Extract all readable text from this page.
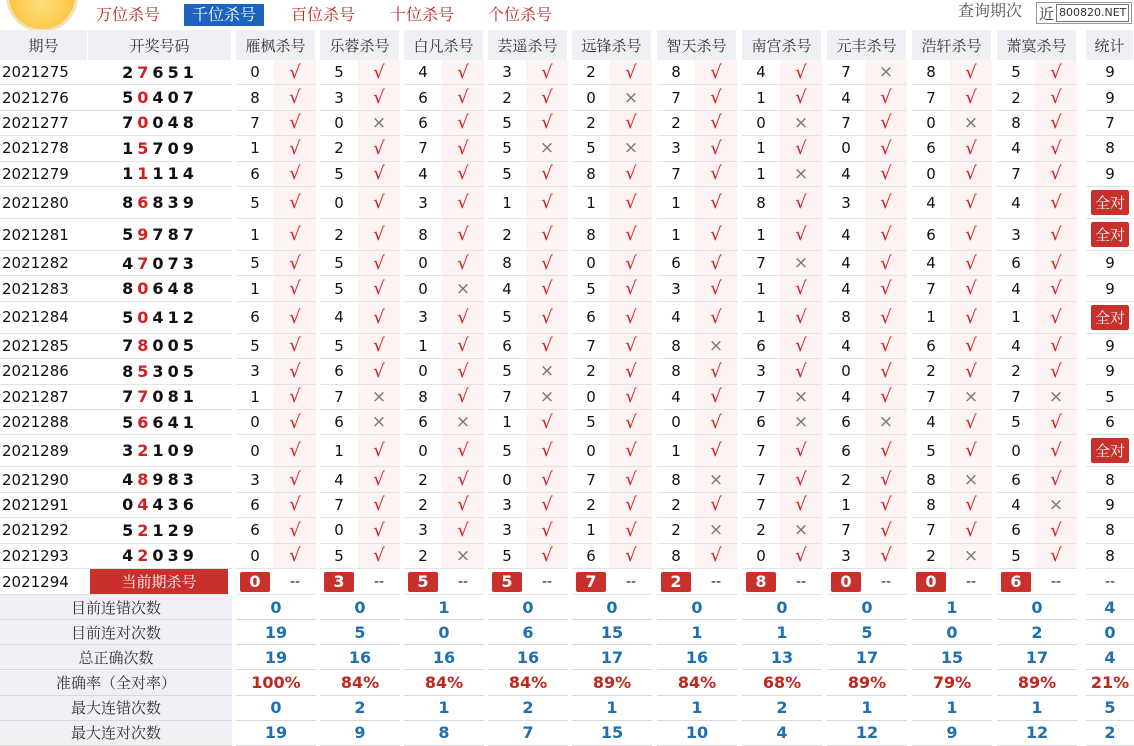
万位杀号	千位杀号	百位杀号 十位杀号 个位杀号	查询期次 近 800820.NET
期号	开奖号码	雁枫杀号	乐蓉杀号	白凡杀号	芸遥杀号	远锋杀号	智天杀号	南宫杀号	元丰杀号	浩轩杀号	萧寞杀号	统计
2021275	2 7 6 5 1	0	√	5	√	4	√	3	√	2	√	8	√	4	√	7	×	8	√	5	√	9
2021276	5 0 4 0 7	8	√	3	√	6	√	2	√	0	×	7	√	1	√	4	√	7	√	2	√	9
2021277	7 0 0 4 8	7	√	0	×	6	√	5	√	2	√	2	√	0	×	7	√	0	×	8	√	7
2021278	1 5 7 0 9	1	√	2	√	7	√	5	×	5	×	3	√	1	√	0	√	6	√	4	√	8
2021279	1 1 1 1 4	6	√	5	√	4	√	5	√	8	√	7	√	1	×	4	√	0	√	7	√	9
2021280	8 6 8 3 9	5	√	0	√	3	√	1	√	1	√	1	√	8	√	3	√	4	√	4	√	全对
2021281	5 9 7 8 7	1	√	2	√	8	√	2	√	8	√	1	√	1	√	4	√	6	√	3	√	全对
2021282	4 7 0 7 3	5	√	5	√	0	√	8	√	0	√	6	√	7	×	4	√	4	√	6	√	9
2021283	8 0 6 4 8	1	√	5	√	0	×	4	√	5	√	3	√	1	√	4	√	7	√	4	√	9
2021284	5 0 4 1 2	6	√	4	√	3	√	5	√	6	√	4	√	1	√	8	√	1	√	1	√	全对
2021285	7 8 0 0 5	5	√	5	√	1	√	6	√	7	√	8	×	6	√	4	√	6	√	4	√	9
2021286	8 5 3 0 5	3	√	6	√	0	√	5	×	2	√	8	√	3	√	0	√	2	√	2	√	9
2021287	7 7 0 8 1	1	√	7	×	8	√	7	×	0	√	4	√	7	×	4	√	7	×	7	×	5
2021288	5 6 6 4 1	0	√	6	×	6	×	1	√	5	√	0	√	6	×	6	×	4	√	5	√	6
2021289	3 2 1 0 9	0	√	1	√	0	√	5	√	0	√	1	√	7	√	6	√	5	√	0	√	全对
2021290	4 8 9 8 3	3	√	4	√	2	√	0	√	7	√	8	×	7	√	2	√	8	×	6	√	8
2021291	0 4 4 3 6	6	√	7	√	2	√	3	√	2	√	2	√	7	√	1	√	8	√	4	×	9
2021292	5 2 1 2 9	6	√	0	√	3	√	3	√	1	√	2	×	2	×	7	√	7	√	6	√	8
2021293	4 2 0 3 9	0	√	5	√	2	×	5	√	6	√	8	√	0	√	3	√	2	×	5	√	8
2021294	当前期杀号	0	--	3	--	5	--	5	--	7	--	2	--	8	--	0	--	0	--	6	--	--
目前连错次数	0	0	1	0	0	0	0	0	1	0	4
目前连对次数	19	5	0	6	15	1	1	5	0	2	0
总正确次数	19	16	16	16	17	16	13	17	15	17	4
准确率（全对率）	100%	84%	84%	84%	89%	84%	68%	89%	79%	89%	21%
最大连错次数	0	2	1	2	1	1	2	1	1	1	5
最大连对次数	19	9	8	7	15	10	4	12	9	12	2
